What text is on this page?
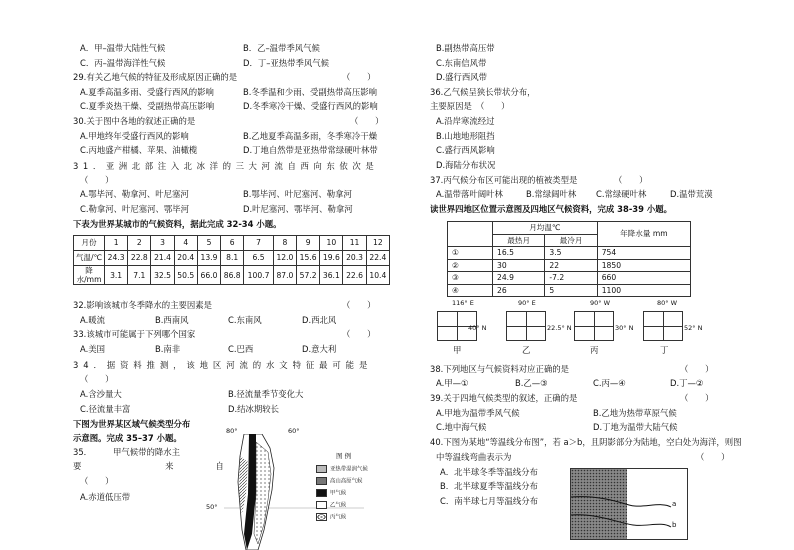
A．甲–温带大陆性气候	B．乙–温带季风气候
C．丙–温带海洋性气候	D．丁–亚热带季风气候
29.有关乙地气候的特征及形成原因正确的是	（　　）
A.夏季高温多雨、受盛行西风的影响	B.冬季温和少雨、受副热带高压影响
C.夏季炎热干燥、受副热带高压影响	D.冬季寒冷干燥、受盛行西风的影响
30.关于图中各地的叙述正确的是	（　　）
A.甲地终年受盛行西风的影响	B.乙地夏季高温多雨，冬季寒冷干燥
C.丙地盛产柑橘、苹果、油橄榄	D.丁地自然带是亚热带常绿硬叶林带
31．亚洲北部注入北冰洋的三大河流自西向东依次是
（　　）
A.鄂毕河、勒拿河、叶尼塞河	B.鄂毕河、叶尼塞河、勒拿河
C.勒拿河、叶尼塞河、鄂毕河	D.叶尼塞河、鄂毕河、勒拿河
下表为世界某城市的气候资料，据此完成 32-34 小题。
月份	1	2	3	4	5	6	7	8	9	10	11	12
气温/℃	24.3	22.8	21.4	20.4	13.9	8.1	6.5	12.0	15.6	19.6	20.3	22.4
降水/mm	3.1	7.1	32.5	50.5	66.0	86.8	100.7	87.0	57.2	36.1	22.6	10.4
32.影响该城市冬季降水的主要因素是	（　　）
A.暖流	B.西南风	C.东南风	D.西北风
33.该城市可能属于下列哪个国家	（　　）
A.美国	B.南非	C.巴西	D.意大利
34．据资料推测，该地区河流的水文特征最可能是
（　　）
A.含沙量大	B.径流量季节变化大
C.径流量丰富	D.结冰期较长
下图为世界某区域气候类型分布
示意图。完成 35–37 小题。
35．　　　甲气候带的降水主
要　　　　　　　　　　来　　　　　自
（　　）
A.赤道低压带
80°	60°
50°
图 例
亚热带湿润气候
高山高原气候
甲气候
乙气候
丙气候
B.副热带高压带
C.东南信风带
D.盛行西风带
36.乙气候呈狭长带状分布，
主要原因是 （　　）
A.沿岸寒流经过
B.山地地形阻挡
C.盛行西风影响
D.海陆分布状况
37.丙气候分布区可能出现的植被类型是	（　　）
A.温带落叶阔叶林	B.常绿阔叶林 C.常绿硬叶林	D.温带荒漠
读世界四地区位置示意图及四地区气候资料，完成 38-39 小题。
	月均温℃		年降水量 mm
	最热月	最冷月	
①	16.5	3.5	754
②	30	22	1850
③	24.9	-7.2	660
④	26	5	1100
116° E
40° N
甲
90° E
22.5° N
乙
90° W
30° N
丙
80° W
52° N
丁
38.下列地区与气候资料对应正确的是	（　　）
A.甲—①	B.乙—③	C.丙—④	D.丁—②
39.关于四地气候类型的叙述，正确的是	（　　）
A.甲地为温带季风气候	B.乙地为热带草原气候
C.地中海气候	D.丁地为温带大陆气候
40.下图为某地“等温线分布图”，若 a＞b，且阴影部分为陆地，空白处为海洋，则图
中等温线弯曲表示为	（　　）
A．北半球冬季等温线分布
B．北半球夏季等温线分布
C．南半球七月等温线分布	a
b
